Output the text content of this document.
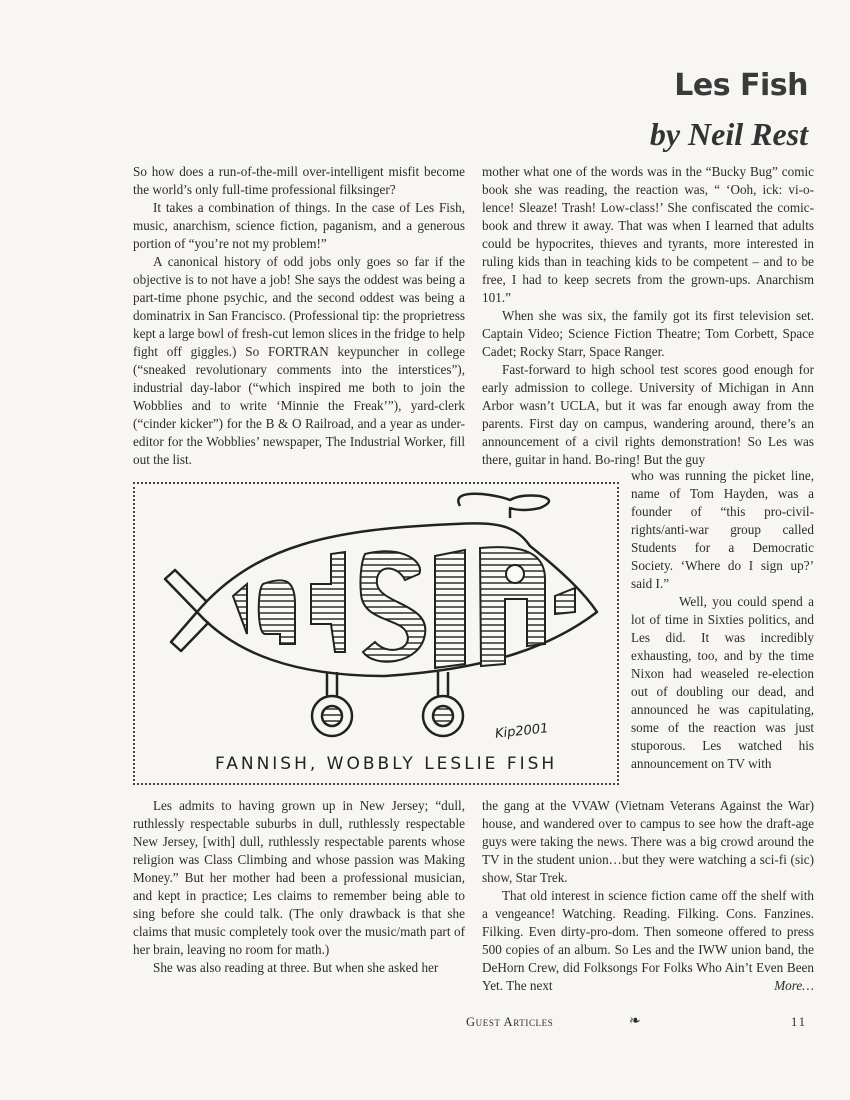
Les Fish
by Neil Rest

So how does a run-of-the-mill over-intelligent misfit become the world’s only full-time professional filksinger?

It takes a combination of things. In the case of Les Fish, music, anarchism, science fiction, paganism, and a generous portion of “you’re not my problem!”

A canonical history of odd jobs only goes so far if the objective is to not have a job! She says the oddest was being a part-time phone psychic, and the second oddest was being a dominatrix in San Francisco. (Professional tip: the proprietress kept a large bowl of fresh-cut lemon slices in the fridge to help fight off giggles.) So FORTRAN keypuncher in college (“sneaked revolutionary comments into the interstices”), industrial day-labor (“which inspired me both to join the Wobblies and to write ‘Minnie the Freak’”), yard-clerk (“cinder kicker”) for the B & O Railroad, and a year as under-editor for the Wobblies’ newspaper, The Industrial Worker, fill out the list.

mother what one of the words was in the “Bucky Bug” comic book she was reading, the reaction was, “ ‘Ooh, ick: vi-o-lence! Sleaze! Trash! Low-class!’ She confiscated the comic-book and threw it away. That was when I learned that adults could be hypocrites, thieves and tyrants, more interested in ruling kids than in teaching kids to be competent – and to be free, I had to keep secrets from the grown-ups. Anarchism 101.”

When she was six, the family got its first television set. Captain Video; Science Fiction Theatre; Tom Corbett, Space Cadet; Rocky Starr, Space Ranger.

Fast-forward to high school test scores good enough for early admission to college. University of Michigan in Ann Arbor wasn’t UCLA, but it was far enough away from the parents. First day on campus, wandering around, there’s an announcement of a civil rights demonstration! So Les was there, guitar in hand. Bo-ring! But the guy

Kip2001
FANNISH, WOBBLY LESLIE FISH

who was running the picket line, name of Tom Hayden, was a founder of “this pro-civil-rights/anti-war group called Students for a Democratic Society. ‘Where do I sign up?’ said I.”

Well, you could spend a lot of time in Sixties politics, and Les did. It was incredibly exhausting, too, and by the time Nixon had weaseled re-election out of doubling our dead, and announced he was capitulating, some of the reaction was just stuporous. Les watched his announcement on TV with

Les admits to having grown up in New Jersey; “dull, ruthlessly respectable suburbs in dull, ruthlessly respectable New Jersey, [with] dull, ruthlessly respectable parents whose religion was Class Climbing and whose passion was Making Money.” But her mother had been a professional musician, and kept in practice; Les claims to remember being able to sing before she could talk. (The only drawback is that she claims that music completely took over the music/math part of her brain, leaving no room for math.)

She was also reading at three. But when she asked her

the gang at the VVAW (Vietnam Veterans Against the War) house, and wandered over to campus to see how the draft-age guys were taking the news. There was a big crowd around the TV in the student union…but they were watching a sci-fi (sic) show, Star Trek.

That old interest in science fiction came off the shelf with a vengeance! Watching. Reading. Filking. Cons. Fanzines. Filking. Even dirty-pro-dom. Then someone offered to press 500 copies of an album. So Les and the IWW union band, the DeHorn Crew, did Folksongs For Folks Who Ain’t Even Been Yet. The next	More…

Guest Articles	❧	11
